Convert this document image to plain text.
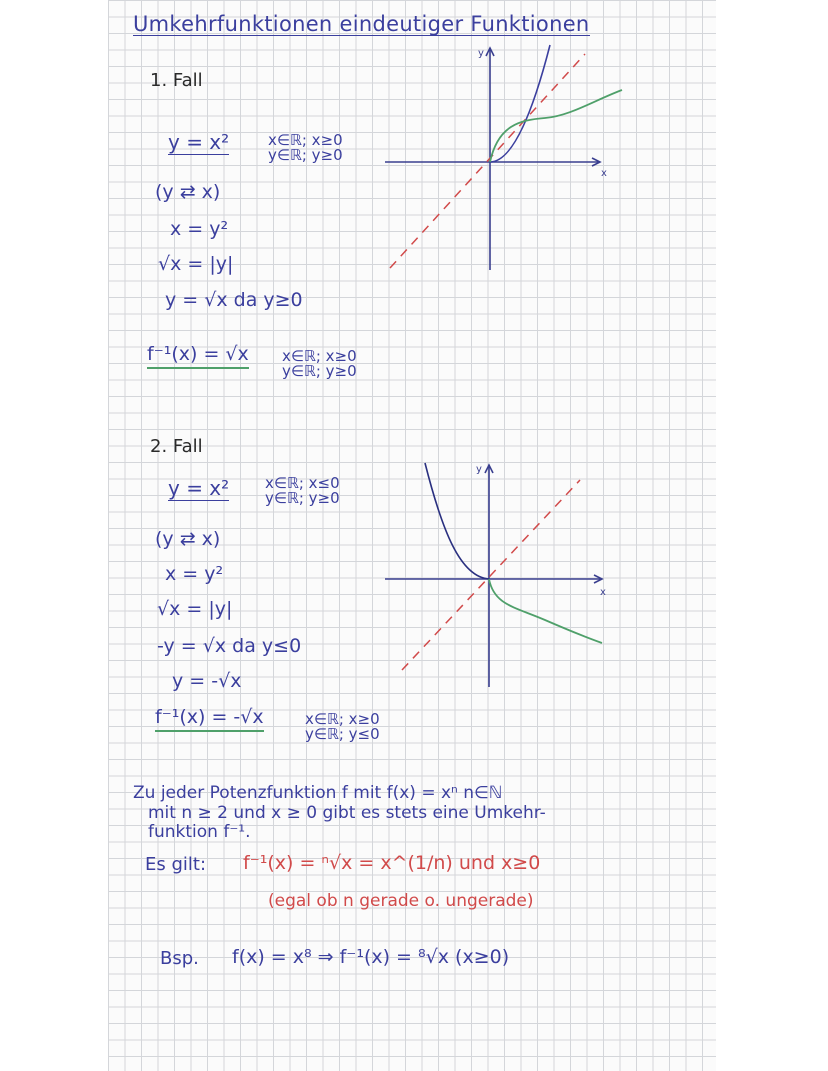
Umkehrfunktionen eindeutiger Funktionen
1. Fall
y = x²	x∈ℝ; x≥0
y∈ℝ; y≥0
(y ⇄ x)
x = y²
√x = |y|
y = √x da y≥0
f⁻¹(x) = √x x∈ℝ; x≥0
y∈ℝ; y≥0
x
y
2. Fall
y = x² x∈ℝ; x≤0
y∈ℝ; y≥0
(y ⇄ x)
x = y²
√x = |y|
-y = √x da y≤0
y = -√x
f⁻¹(x) = -√x	x∈ℝ; x≥0
y∈ℝ; y≤0
x
y
Zu jeder Potenzfunktion f mit f(x) = xⁿ n∈ℕ
mit n ≥ 2 und x ≥ 0 gibt es stets eine Umkehr-
funktion f⁻¹.
Es gilt: f⁻¹(x) = ⁿ√x = x^(1/n) und x≥0
(egal ob n gerade o. ungerade)
Bsp. f(x) = x⁸ ⇒ f⁻¹(x) = ⁸√x (x≥0)
